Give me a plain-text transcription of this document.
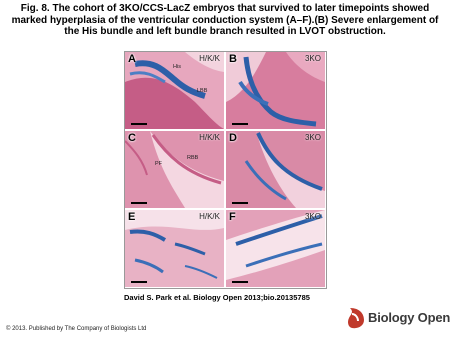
Fig. 8. The cohort of 3KO/CCS-LacZ embryos that survived to later timepoints showed marked hyperplasia of the ventricular conduction system (A–F).(B) Severe enlargement of the His bundle and left bundle branch resulted in LVOT obstruction.
A	H/K/K
His
LBB
B	3KO
C	H/K/K
RBB
PF
D	3KO
E	H/K/K F	3KO
David S. Park et al. Biology Open 2013;bio.20135785
© 2013. Published by The Company of Biologists Ltd
Biology Open
